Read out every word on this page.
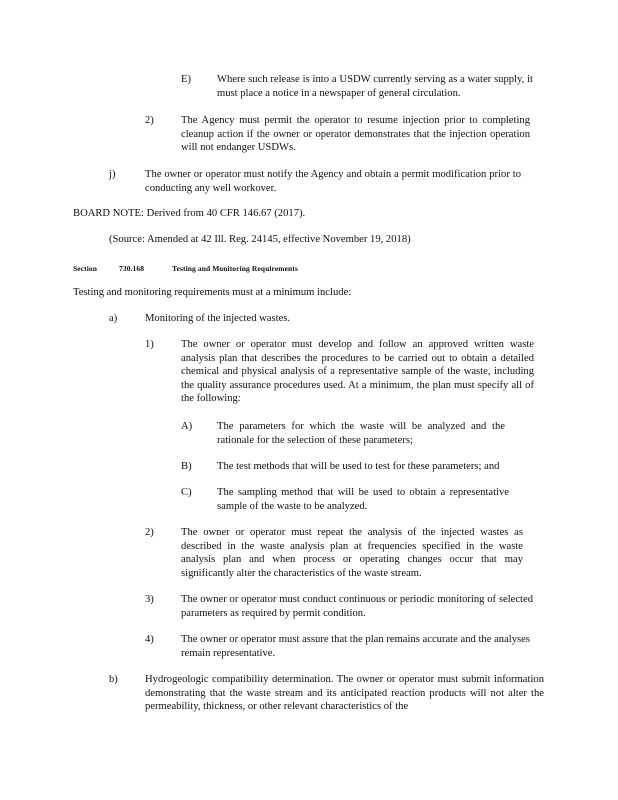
E) Where such release is into a USDW currently serving as a water supply, it must place a notice in a newspaper of general circulation.

2)	The Agency must permit the operator to resume injection prior to completing cleanup action if the owner or operator demonstrates that the injection operation will not endanger USDWs.

j)	The owner or operator must notify the Agency and obtain a permit modification prior to conducting any well workover.

BOARD NOTE: Derived from 40 CFR 146.67 (2017).

(Source: Amended at 42 Ill. Reg. 24145, effective November 19, 2018)

Section	730.168	Testing and Monitoring Requirements

Testing and monitoring requirements must at a minimum include:

a)	Monitoring of the injected wastes.

1)	The owner or operator must develop and follow an approved written waste analysis plan that describes the procedures to be carried out to obtain a detailed chemical and physical analysis of a representative sample of the waste, including the quality assurance procedures used. At a minimum, the plan must specify all of the following:

A) The parameters for which the waste will be analyzed and the rationale for the selection of these parameters;

B) The test methods that will be used to test for these parameters; and

C) The sampling method that will be used to obtain a representative sample of the waste to be analyzed.

2)	The owner or operator must repeat the analysis of the injected wastes as described in the waste analysis plan at frequencies specified in the waste analysis plan and when process or operating changes occur that may significantly alter the characteristics of the waste stream.

3)	The owner or operator must conduct continuous or periodic monitoring of selected parameters as required by permit condition.

4)	The owner or operator must assure that the plan remains accurate and the analyses remain representative.

b)	Hydrogeologic compatibility determination. The owner or operator must submit information demonstrating that the waste stream and its anticipated reaction products will not alter the permeability, thickness, or other relevant characteristics of the
